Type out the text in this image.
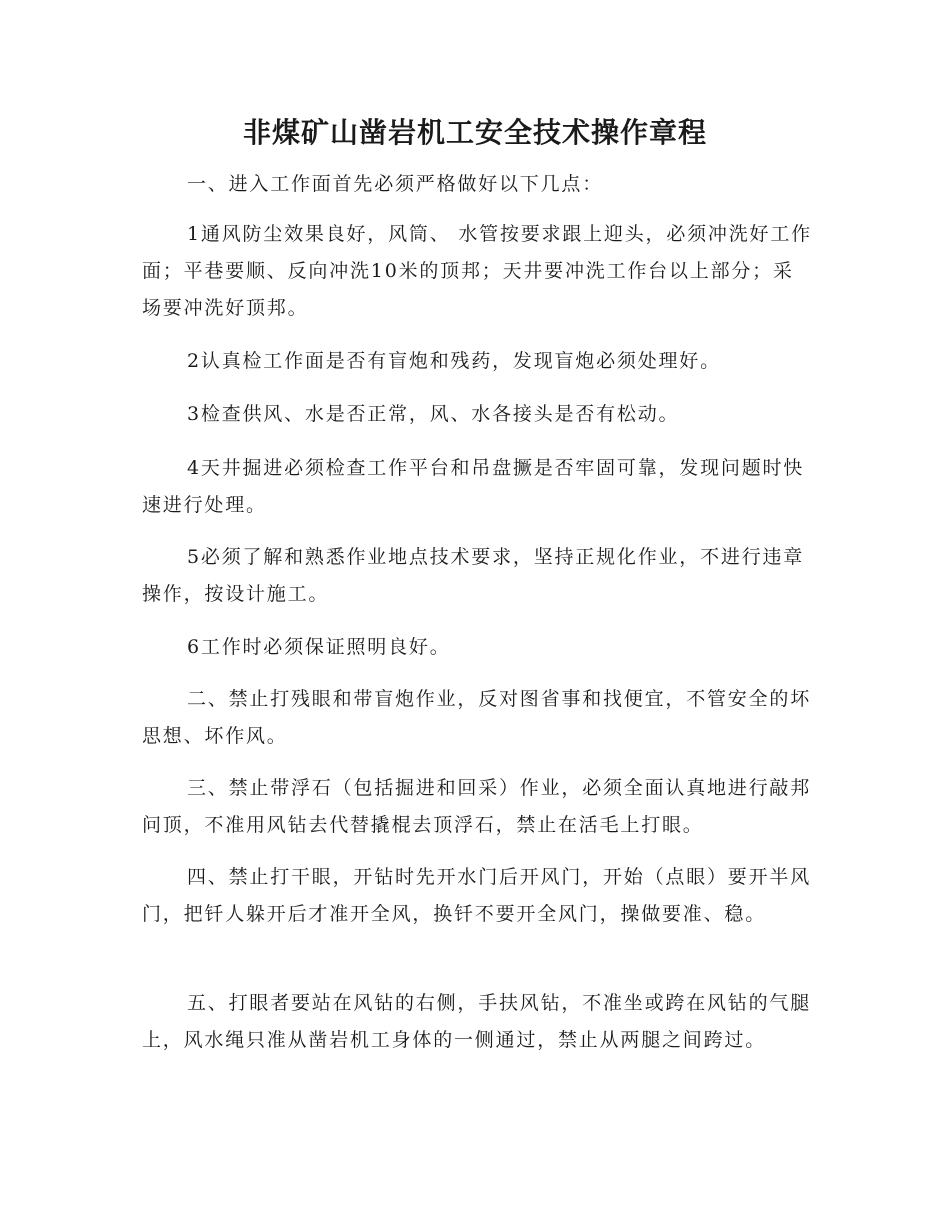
非煤矿山凿岩机工安全技术操作章程

一、进入工作面首先必须严格做好以下几点：

1通风防尘效果良好，风筒、 水管按要求跟上迎头，必须冲洗好工作面；平巷要顺、反向冲洗10米的顶邦；天井要冲洗工作台以上部分；采场要冲洗好顶邦。

2认真检工作面是否有盲炮和残药，发现盲炮必须处理好。

3检查供风、水是否正常，风、水各接头是否有松动。

4天井掘进必须检查工作平台和吊盘撅是否牢固可靠，发现问题时快速进行处理。

5必须了解和熟悉作业地点技术要求，坚持正规化作业，不进行违章操作，按设计施工。

6工作时必须保证照明良好。

二、禁止打残眼和带盲炮作业，反对图省事和找便宜，不管安全的坏思想、坏作风。

三、禁止带浮石（包括掘进和回采）作业，必须全面认真地进行敲邦问顶，不准用风钻去代替撬棍去顶浮石，禁止在活毛上打眼。

四、禁止打干眼，开钻时先开水门后开风门，开始（点眼）要开半风门，把钎人躲开后才准开全风，换钎不要开全风门，操做要准、稳。

五、打眼者要站在风钻的右侧，手扶风钻，不准坐或跨在风钻的气腿上，风水绳只准从凿岩机工身体的一侧通过，禁止从两腿之间跨过。
